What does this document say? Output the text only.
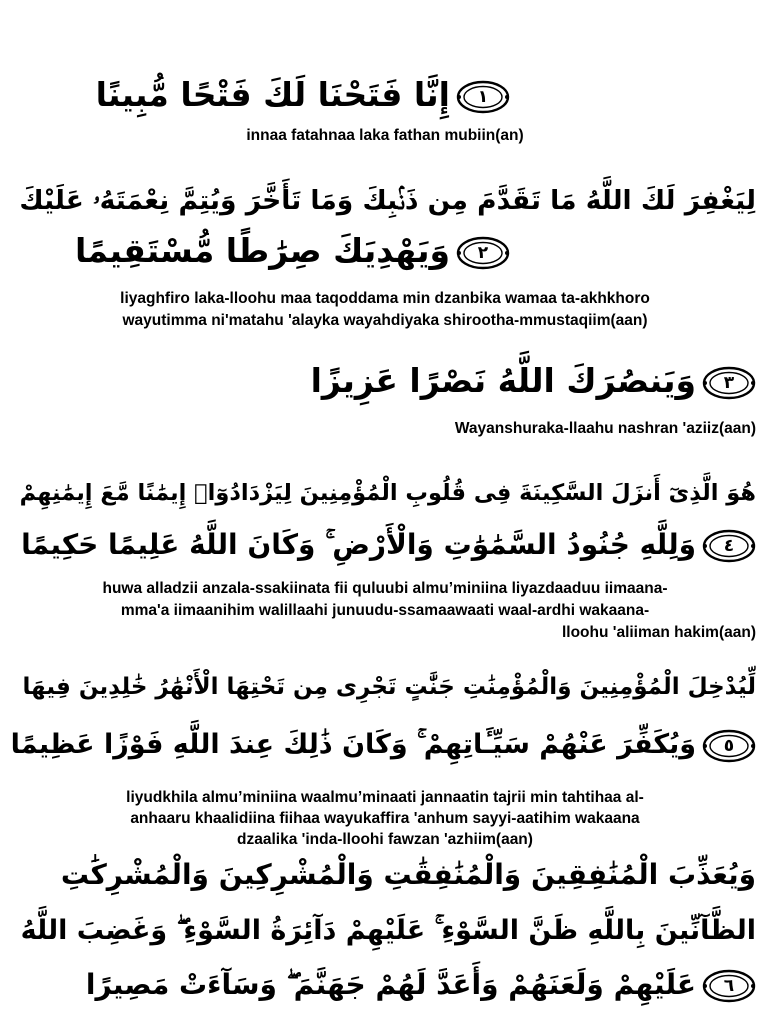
١
إِنَّا فَتَحْنَا لَكَ فَتْحًا مُّبِينًا
innaa fatahnaa laka fathan mubiin(an)
لِيَغْفِرَ لَكَ اللَّهُ مَا تَقَدَّمَ مِن ذَنۢبِكَ وَمَا تَأَخَّرَ وَيُتِمَّ نِعْمَتَهُۥ عَلَيْكَ
٢
وَيَهْدِيَكَ صِرَٰطًا مُّسْتَقِيمًا
liyaghfiro laka-lloohu maa taqoddama min dzanbika wamaa ta-akhkhoro
wayutimma ni'matahu 'alayka wayahdiyaka shirootha-mmustaqiim(aan)
٣
وَيَنصُرَكَ اللَّهُ نَصْرًا عَزِيزًا
Wayanshuraka-llaahu nashran 'aziiz(aan)
هُوَ الَّذِىٓ أَنزَلَ السَّكِينَةَ فِى قُلُوبِ الْمُؤْمِنِينَ لِيَزْدَادُوٓا۟ إِيمَٰنًا مَّعَ إِيمَٰنِهِمْ
٤
وَلِلَّهِ جُنُودُ السَّمَٰوَٰتِ وَالْأَرْضِ ۚ وَكَانَ اللَّهُ عَلِيمًا حَكِيمًا
huwa alladzii anzala-ssakiinata fii quluubi almu’miniina liyazdaaduu iimaana-
mma'a iimaanihim walillaahi junuudu-ssamaawaati waal-ardhi wakaana-
lloohu 'aliiman hakim(aan)
لِّيُدْخِلَ الْمُؤْمِنِينَ وَالْمُؤْمِنَٰتِ جَنَّٰتٍ تَجْرِى مِن تَحْتِهَا الْأَنْهَٰرُ خَٰلِدِينَ فِيهَا
٥
وَيُكَفِّرَ عَنْهُمْ سَيِّـَٔاتِهِمْ ۚ وَكَانَ ذَٰلِكَ عِندَ اللَّهِ فَوْزًا عَظِيمًا
liyudkhila almu’miniina waalmu’minaati jannaatin tajrii min tahtihaa al-
anhaaru khaalidiina fiihaa wayukaffira 'anhum sayyi-aatihim wakaana
dzaalika 'inda-lloohi fawzan 'azhiim(aan)
وَيُعَذِّبَ الْمُنَٰفِقِينَ وَالْمُنَٰفِقَٰتِ وَالْمُشْرِكِينَ وَالْمُشْرِكَٰتِ
الظَّآنِّينَ بِاللَّهِ ظَنَّ السَّوْءِ ۚ عَلَيْهِمْ دَآئِرَةُ السَّوْءِ ۖ وَغَضِبَ اللَّهُ
٦
عَلَيْهِمْ وَلَعَنَهُمْ وَأَعَدَّ لَهُمْ جَهَنَّمَ ۖ وَسَآءَتْ مَصِيرًا
